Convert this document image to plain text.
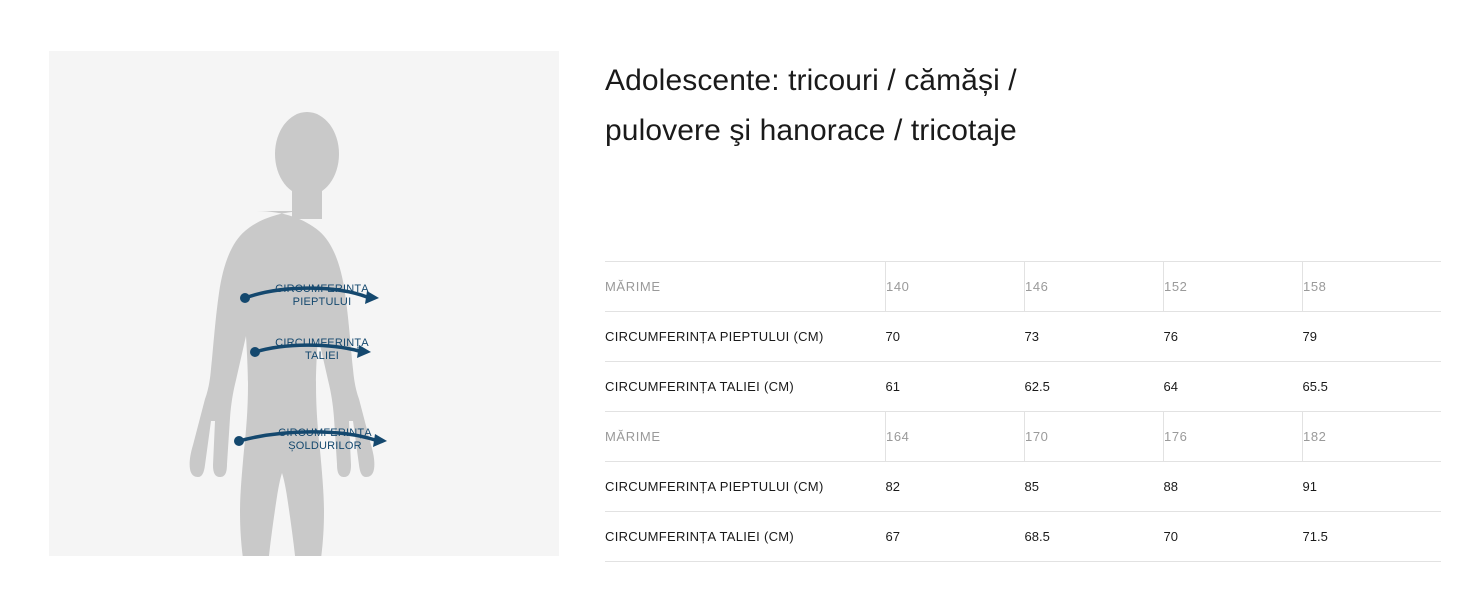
CIRCUMFERINȚA
PIEPTULUI
CIRCUMFERINȚA
TALIEI
CIRCUMFERINȚA
ȘOLDURILOR
Adolescente: tricouri / cămăși / pulovere şi hanorace / tricotaje
MĂRIME	140	146	152	158
CIRCUMFERINȚA PIEPTULUI (CM)	70	73	76	79
CIRCUMFERINȚA TALIEI (CM)	61	62.5	64	65.5
MĂRIME	164	170	176	182
CIRCUMFERINȚA PIEPTULUI (CM)	82	85	88	91
CIRCUMFERINȚA TALIEI (CM)	67	68.5	70	71.5
